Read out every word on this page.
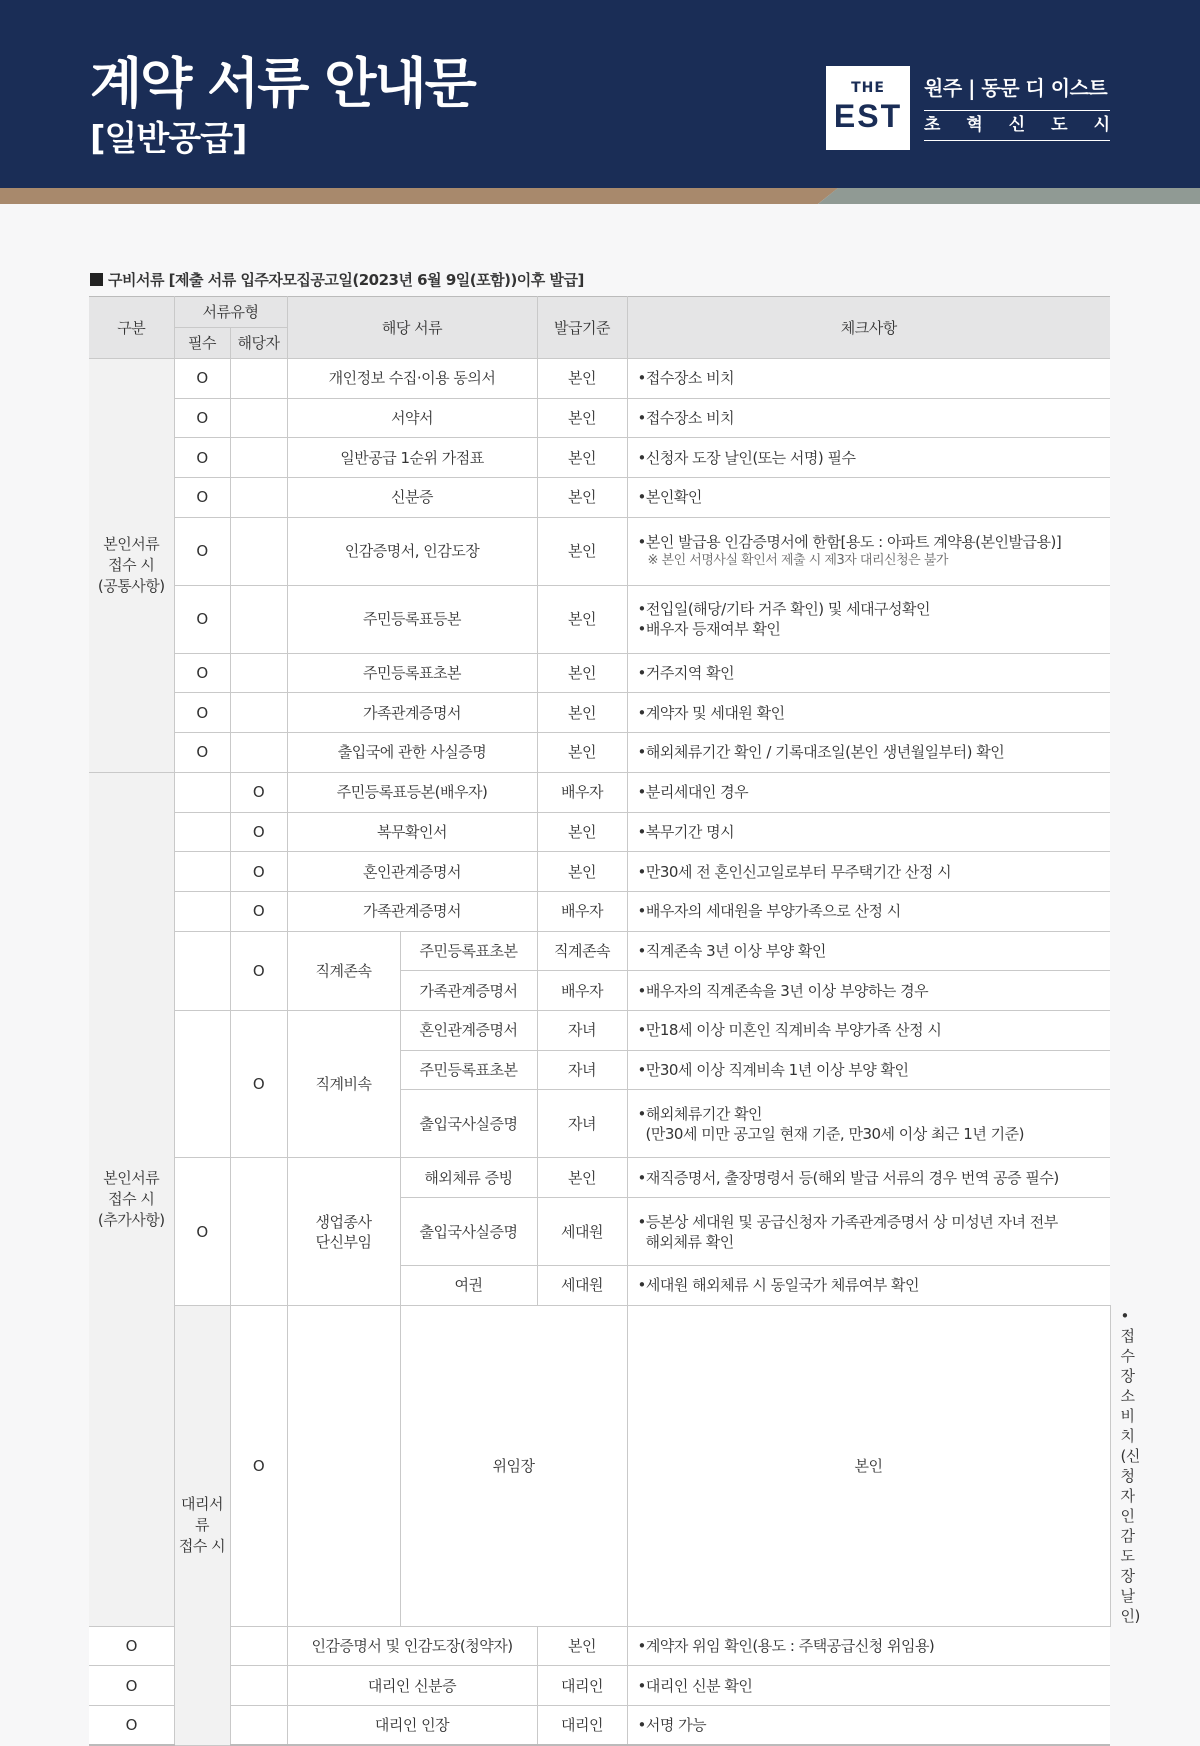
계약 서류 안내문
[일반공급]
THE
EST
원주 | 동문 디 이스트
초 혁 신 도 시
구비서류 [제출 서류 입주자모집공고일(2023년 6월 9일(포함))이후 발급]
구분	서류유형		해당 서류		발급기준	체크사항	
	필수	해당자					
본인서류
접수 시
(공통사항)	O		개인정보 수집·이용 동의서		본인	•접수장소 비치	
	O		서약서		본인	•접수장소 비치	
	O		일반공급 1순위 가점표		본인	•신청자 도장 날인(또는 서명) 필수	
	O		신분증		본인	•본인확인	
	O		인감증명서, 인감도장		본인	•본인 발급용 인감증명서에 한함[용도 : 아파트 계약용(본인발급용)]
※ 본인 서명사실 확인서 제출 시 제3자 대리신청은 불가	

	O		주민등록표등본		본인	•전입일(해당/기타 거주 확인) 및 세대구성확인
•배우자 등재여부 확인	

	O		주민등록표초본		본인	•거주지역 확인	
	O		가족관계증명서		본인	•계약자 및 세대원 확인	
	O		출입국에 관한 사실증명		본인	•해외체류기간 확인 / 기록대조일(본인 생년월일부터) 확인	
본인서류
접수 시
(추가사항)		O	주민등록표등본(배우자)		배우자	•분리세대인 경우	
		O	복무확인서		본인	•복무기간 명시	
		O	혼인관계증명서		본인	•만30세 전 혼인신고일로부터 무주택기간 산정 시	
		O	가족관계증명서		배우자	•배우자의 세대원을 부양가족으로 산정 시	
		O	직계존속	주민등록표초본	직계존속	•직계존속 3년 이상 부양 확인	
				가족관계증명서	배우자	•배우자의 직계존속을 3년 이상 부양하는 경우	
		O	직계비속	혼인관계증명서	자녀	•만18세 이상 미혼인 직계비속 부양가족 산정 시	
				주민등록표초본	자녀	•만30세 이상 직계비속 1년 이상 부양 확인	
				출입국사실증명	자녀	•해외체류기간 확인
(만30세 미만 공고일 현재 기준, 만30세 이상 최근 1년 기준)	

	O		생업종사
단신부임	해외체류 증빙	본인	•재직증명서, 출장명령서 등(해외 발급 서류의 경우 번역 공증 필수)	
				출입국사실증명	세대원	•등본상 세대원 및 공급신청자 가족관계증명서 상 미성년 자녀 전부
해외체류 확인	

				여권	세대원	•세대원 해외체류 시 동일국가 체류여부 확인	
	대리서류
접수 시	O		위임장		본인	•접수장소 비치(신청자 인감도장 날인)
O			인감증명서 및 인감도장(청약자)		본인	•계약자 위임 확인(용도 : 주택공급신청 위임용)	
O			대리인 신분증		대리인	•대리인 신분 확인	
O			대리인 인장		대리인	•서명 가능	
